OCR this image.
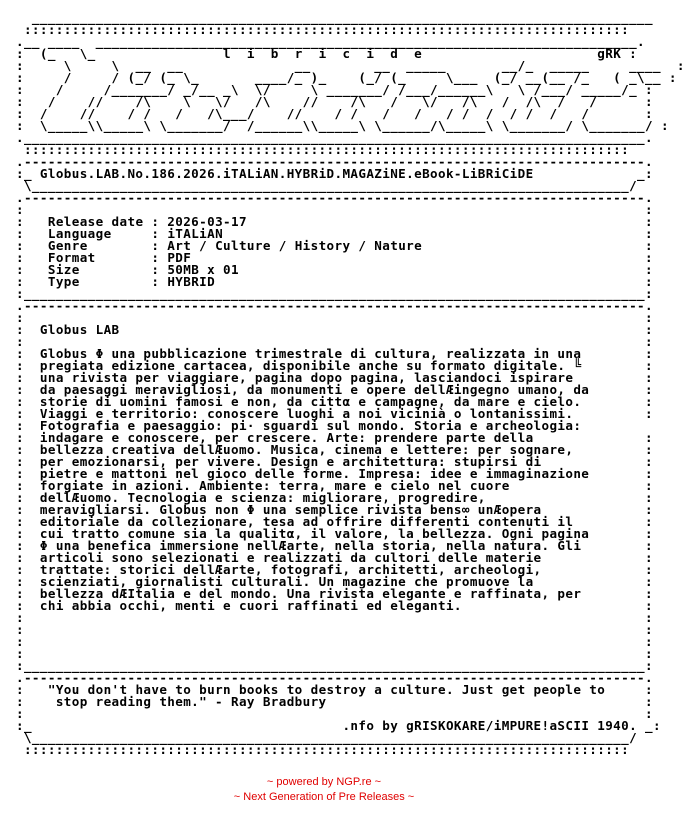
______________________________________________________________________________
::::::::::::::::::::::::::::::::::::::::::::::::::::::::::::::::::::::::::::
.__ ____  ____________________________________________________________________.
:  (_   \_                l  i  b  r  i  c  i  d  e	gRK :
:     \     \  __  __              __        __  _____       __/_  _____     ____  :
:     /     / (_/ (_ \_       ____/_ )_    (_/ (_     \___  (_/ __(__ /_   ( _\__ :
:    /     /_______/ _/__ _\  \/     \ _______/ /___/______\   \ /___/ _____/_ :
:   /    //    /\    \   \/   /\    //    /\   /   \/   /\   /  /\  /   /      :
:  /    //    / /   /   /\___/    //    / /   /   /   / /  /  / /  /   /       :
:  \_____\\_____\ \_______/  /______\\_____\ \______/\_____\ \_______/ \_______/ :
.______________________________________________________________________________.
::::::::::::::::::::::::::::::::::::::::::::::::::::::::::::::::::::::::::::
.------------------------------------------------------------------------------.
:_ Globus.LAB.No.186.2026.iTALiAN.HYBRiD.MAGAZiNE.eBook-LiBRiCiDE             _:
\___________________________________________________________________________/
.------------------------------------------------------------------------------.
:                                                                              :
:   Release date : 2026-03-17                                                  :
:   Language     : iTALiAN                                                     :
:   Genre        : Art / Culture / History / Nature                            :
:   Format       : PDF                                                         :
:   Size         : 50MB x 01                                                   :
:   Type         : HYBRID                                                      :
:______________________________________________________________________________:
.------------------------------------------------------------------------------.
:                                                                              :
:  Globus LAB                                                                  :
:                                                                              :
:  Globus Φ una pubblicazione trimestrale di cultura, realizzata in una        :
:  pregiata edizione cartacea, disponibile anche su formato digitale. ╚        :
:  una rivista per viaggiare, pagina dopo pagina, lasciandoci ispirare         :
:  da paesaggi meravigliosi, da monumenti e opere dellÆingegno umano, da       :
:  storie di uomini famosi e non, da cittα e campagne, da mare e cielo.        :
:  Viaggi e territorio: conoscere luoghi a noi vicinià o lontanissimi.         :
:  Fotografia e paesaggio: pi· sguardi sul mondo. Storia e archeologia:
:  indagare e conoscere, per crescere. Arte: prendere parte della              :
:  bellezza creativa dellÆuomo. Musica, cinema e lettere: per sognare,         :
:  per emozionarsi, per vivere. Design e architettura: stupirsi di             :
:  pietre e mattoni nel gioco delle forme. Impresa: idee e immaginazione       :
:  forgiate in azioni. Ambiente: terra, mare e cielo nel cuore                 :
:  dellÆuomo. Tecnologia e scienza: migliorare, progredire,                    :
:  meravigliarsi. Globus non Φ una semplice rivista bens∞ unÆopera             :
:  editoriale da collezionare, tesa ad offrire differenti contenuti il         :
:  cui tratto comune sia la qualitα, il valore, la bellezza. Ogni pagina       :
:  Φ una benefica immersione nellÆarte, nella storia, nella natura. Gli        :
:  articoli sono selezionati e realizzati da cultori delle materie             :
:  trattate: storici dellÆarte, fotografi, architetti, archeologi,             :
:  scienziati, giornalisti culturali. Un magazine che promuove la              :
:  bellezza dÆItalia e del mondo. Una rivista elegante e raffinata, per        :
:  chi abbia occhi, menti e cuori raffinati ed eleganti.                       :
:                                                                              :
:                                                                              :
:                                                                              :
:                                                                              :
:______________________________________________________________________________:
.------------------------------------------------------------------------------.
:   "You don't have to burn books to destroy a culture. Just get people to     :
:    stop reading them." - Ray Bradbury                                        :
:                                                                              :
:_                                       .nfo by gRISKOKARE/iMPURE!aSCII 1940. _:
\___________________________________________________________________________/
::::::::::::::::::::::::::::::::::::::::::::::::::::::::::::::::::::::::::::
~ powered by NGP.re ~
~ Next Generation of Pre Releases ~
